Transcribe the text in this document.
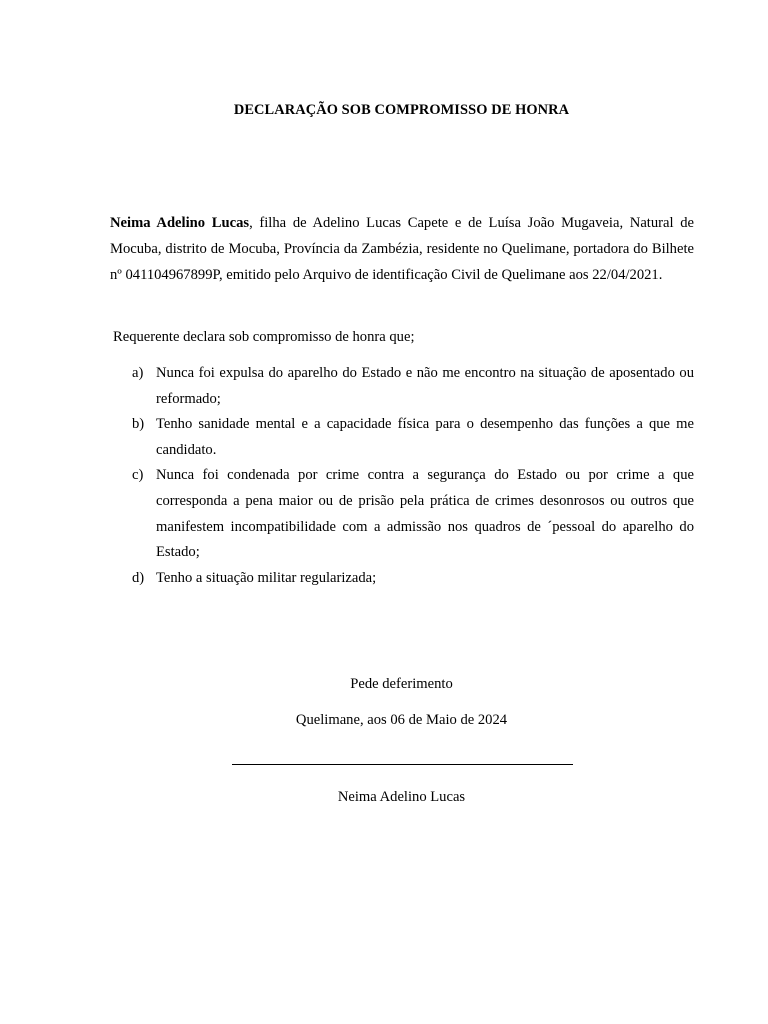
DECLARAÇÃO SOB COMPROMISSO DE HONRA

Neima Adelino Lucas, filha de Adelino Lucas Capete e de Luísa João Mugaveia, Natural de Mocuba, distrito de Mocuba, Província da Zambézia, residente no Quelimane, portadora do Bilhete nº 041104967899P, emitido pelo Arquivo de identificação Civil de Quelimane aos 22/04/2021.

Requerente declara sob compromisso de honra que;

a) Nunca foi expulsa do aparelho do Estado e não me encontro na situação de aposentado ou reformado;
b) Tenho sanidade mental e a capacidade física para o desempenho das funções a que me candidato.
c) Nunca foi condenada por crime contra a segurança do Estado ou por crime a que corresponda a pena maior ou de prisão pela prática de crimes desonrosos ou outros que manifestem incompatibilidade com a admissão nos quadros de ´pessoal do aparelho do Estado;
d) Tenho a situação militar regularizada;
Pede deferimento
Quelimane, aos 06 de Maio de 2024
Neima Adelino Lucas
